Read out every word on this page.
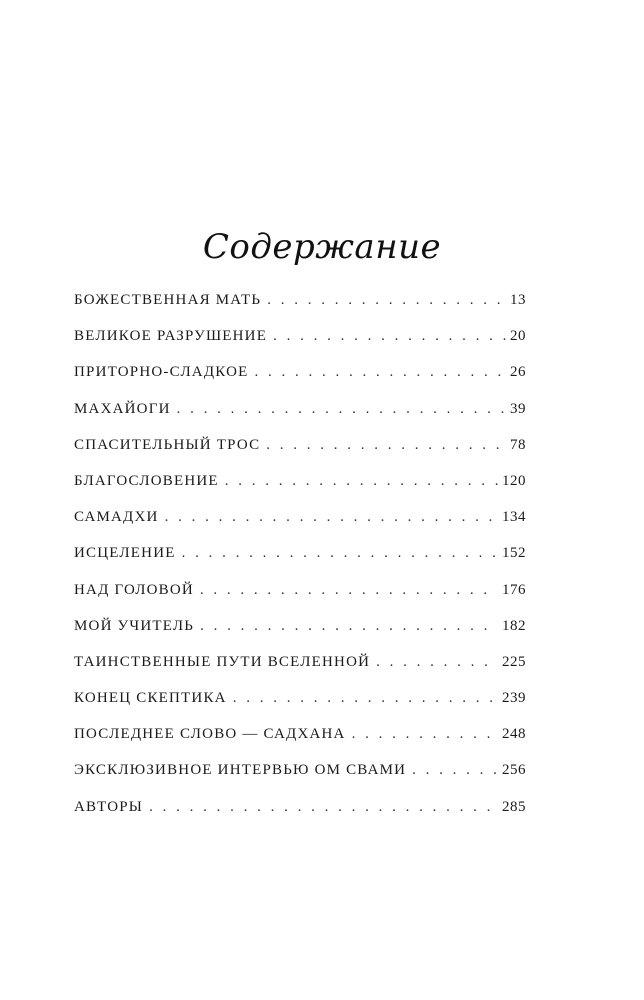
Содержание
БОЖЕСТВЕННАЯ МАТЬ . . .	13
ВЕЛИКОЕ РАЗРУШЕНИЕ . . .	20
ПРИТОРНО-СЛАДКОЕ . . .	26
МАХАЙОГИ . . .	39
СПАСИТЕЛЬНЫЙ ТРОС . . .	78
БЛАГОСЛОВЕНИЕ . . .	120
САМАДХИ . . .	134
ИСЦЕЛЕНИЕ . . .	152
НАД ГОЛОВОЙ . . .	176
МОЙ УЧИТЕЛЬ . . .	182
ТАИНСТВЕННЫЕ ПУТИ ВСЕЛЕННОЙ . . .	225
КОНЕЦ СКЕПТИКА . . .	239
ПОСЛЕДНЕЕ СЛОВО — САДХАНА . . .	248
ЭКСКЛЮЗИВНОЕ ИНТЕРВЬЮ ОМ СВАМИ . . .	256
АВТОРЫ . . .	285
